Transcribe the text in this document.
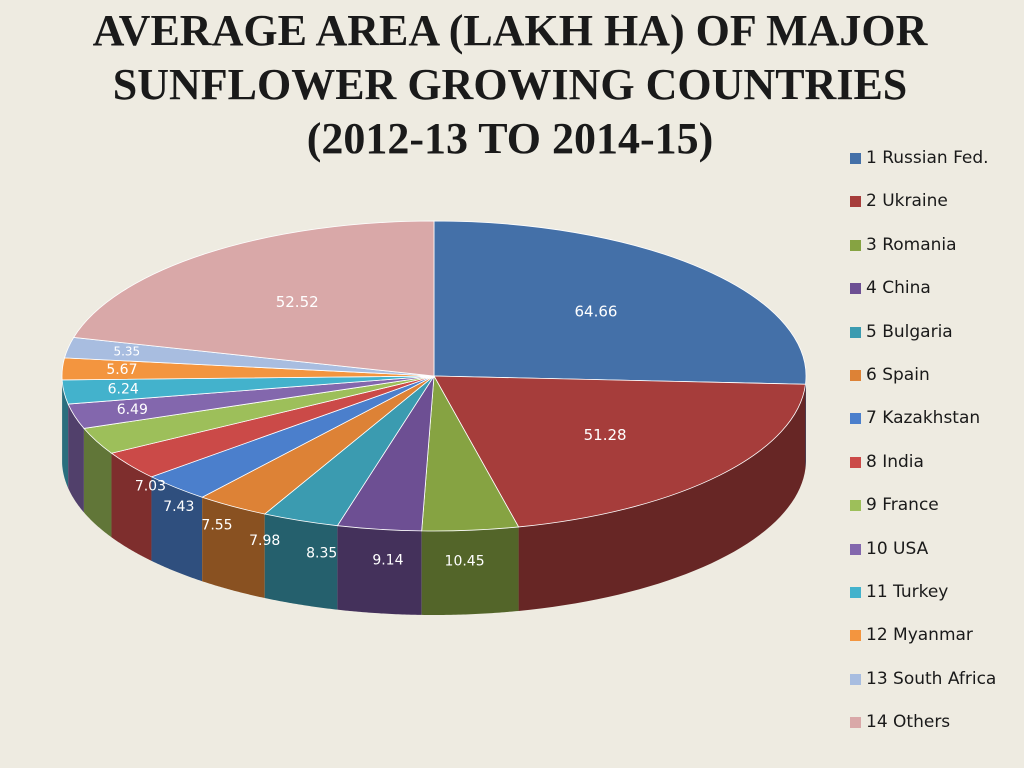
AVERAGE AREA (LAKH HA) OF MAJOR
SUNFLOWER GROWING COUNTRIES
(2012-13 TO 2014-15)
64.66
51.28
10.45
9.14
8.35
7.98
7.55
7.43
7.03
6.49
6.24
5.67
5.35
52.52
1 Russian Fed.
2 Ukraine
3 Romania
4 China
5 Bulgaria
6 Spain
7 Kazakhstan
8 India
9 France
10 USA
11 Turkey
12 Myanmar
13 South Africa
14 Others
